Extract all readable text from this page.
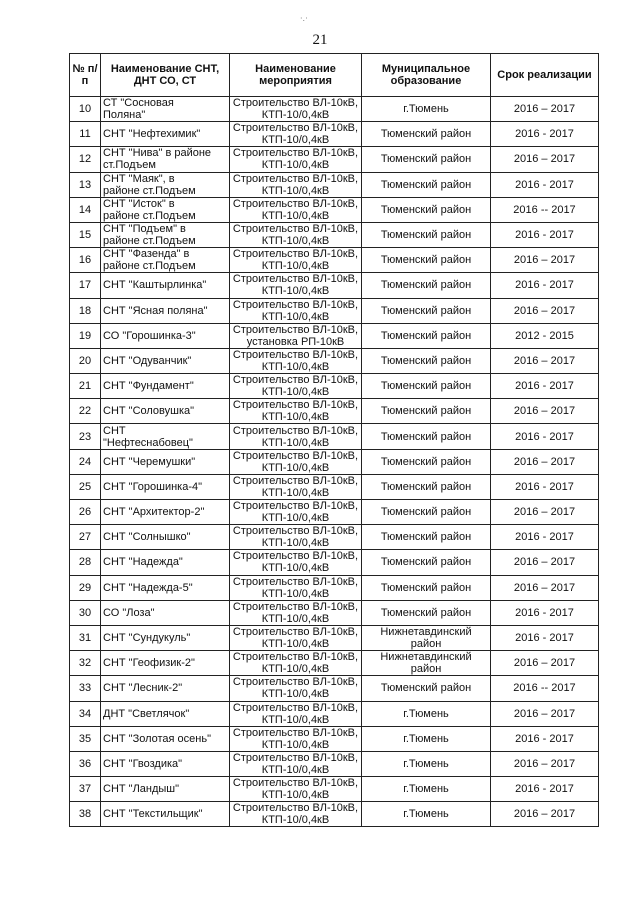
·.·
21
№ п/п	Наименование СНТ, ДНТ СО, СТ	Наименование мероприятия	Муниципальное образование	Срок реализации

10	СТ "Сосновая
Поляна"	Строительство ВЛ-10кВ,
КТП-10/0,4кВ	г.Тюмень	2016 – 2017

11	СНТ "Нефтехимик"	Строительство ВЛ-10кВ,
КТП-10/0,4кВ	Тюменский район	2016 - 2017

12	СНТ "Нива" в районе
ст.Подъем	Строительство ВЛ-10кВ,
КТП-10/0,4кВ	Тюменский район	2016 – 2017

13	СНТ "Маяк", в
районе ст.Подъем	Строительство ВЛ-10кВ,
КТП-10/0,4кВ	Тюменский район	2016 - 2017

14	СНТ "Исток" в
районе ст.Подъем	Строительство ВЛ-10кВ,
КТП-10/0,4кВ	Тюменский район	2016 -- 2017

15	СНТ "Подъем" в
районе ст.Подъем	Строительство ВЛ-10кВ,
КТП-10/0,4кВ	Тюменский район	2016 - 2017

16	СНТ "Фазенда" в
районе ст.Подъем	Строительство ВЛ-10кВ,
КТП-10/0,4кВ	Тюменский район	2016 – 2017

17	СНТ "Кaштырлинка"	Строительство ВЛ-10кВ,
КТП-10/0,4кВ	Тюменский район	2016 - 2017

18	СНТ "Ясная поляна"	Строительство ВЛ-10кВ,
КТП-10/0,4кВ	Тюменский район	2016 – 2017

19	СО "Горошинка-3"	Строительство ВЛ-10кВ,
установка РП-10кВ	Тюменский район	2012 - 2015

20	СНТ "Одуванчик"	Строительство ВЛ-10кВ,
КТП-10/0,4кВ	Тюменский район	2016 – 2017

21	СНТ "Фундамент"	Строительство ВЛ-10кВ,
КТП-10/0,4кВ	Тюменский район	2016 - 2017

22	СНТ "Соловушка"	Строительство ВЛ-10кВ,
КТП-10/0,4кВ	Тюменский район	2016 – 2017

23	СНТ
"Нефтеснабовец"	Строительство ВЛ-10кВ,
КТП-10/0,4кВ	Тюменский район	2016 - 2017

24	СНТ "Черемушки"	Строительство ВЛ-10кВ,
КТП-10/0,4кВ	Тюменский район	2016 – 2017

25	СНТ "Горошинка-4"	Строительство ВЛ-10кВ,
КТП-10/0,4кВ	Тюменский район	2016 - 2017

26	СНТ "Архитектор-2"	Строительство ВЛ-10кВ,
КТП-10/0,4кВ	Тюменский район	2016 – 2017

27	СНТ "Солнышко"	Строительство ВЛ-10кВ,
КТП-10/0,4кВ	Тюменский район	2016 - 2017

28	СНТ "Надежда"	Строительство ВЛ-10кВ,
КТП-10/0,4кВ	Тюменский район	2016 – 2017

29	СНТ "Надежда-5"	Строительство ВЛ-10кВ,
КТП-10/0,4кВ	Тюменский район	2016 – 2017

30	СО "Лоза"	Строительство ВЛ-10кВ,
КТП-10/0,4кВ	Тюменский район	2016 - 2017

31	СНТ "Сундукуль"	Строительство ВЛ-10кВ,
КТП-10/0,4кВ	Нижнетавдинский
район	2016 - 2017

32	СНТ "Геофизик-2"	Строительство ВЛ-10кВ,
КТП-10/0,4кВ	Нижнетавдинский
район	2016 – 2017

33	СНТ "Лесник-2"	Строительство ВЛ-10кВ,
КТП-10/0,4кВ	Тюменский район	2016 -- 2017

34	ДНТ "Светлячок"	Строительство ВЛ-10кВ,
КТП-10/0,4кВ	г.Тюмень	2016 – 2017

35	СНТ "Золотая осень"	Строительство ВЛ-10кВ,
КТП-10/0,4кВ	г.Тюмень	2016 - 2017

36	СНТ "Гвоздика"	Строительство ВЛ-10кВ,
КТП-10/0,4кВ	г.Тюмень	2016 – 2017

37	СНТ "Ландыш"	Строительство ВЛ-10кВ,
КТП-10/0,4кВ	г.Тюмень	2016 - 2017

38	СНТ "Текстильщик"	Строительство ВЛ-10кВ,
КТП-10/0,4кВ	г.Тюмень	2016 – 2017
